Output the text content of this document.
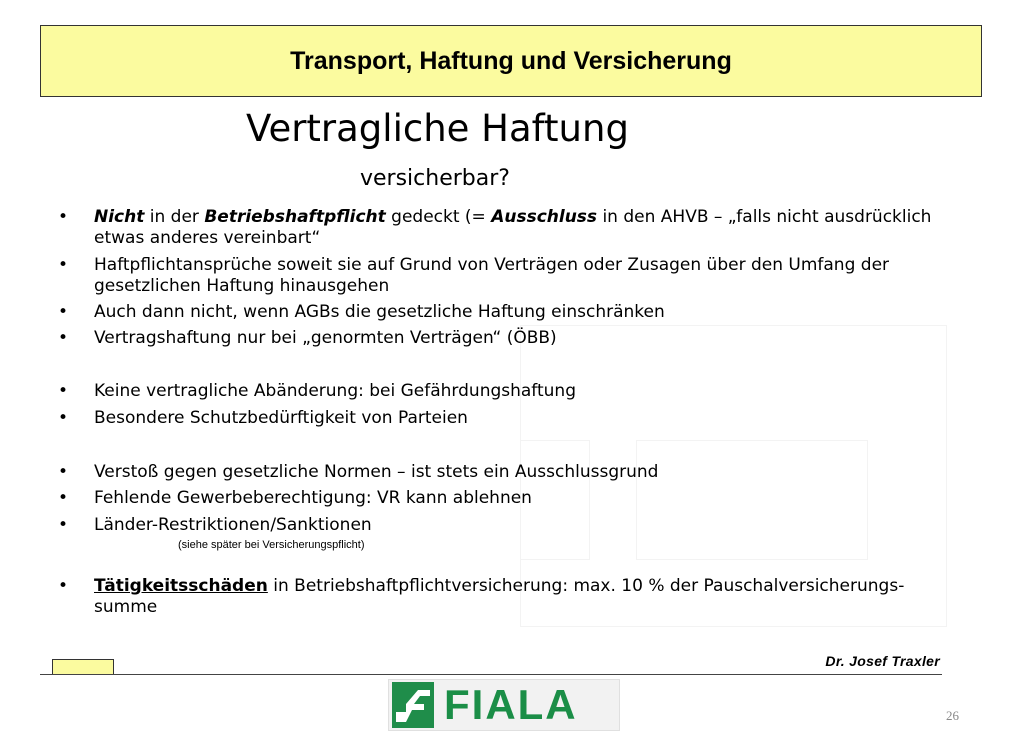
Transport, Haftung und Versicherung
Vertragliche Haftung
versicherbar?
• Nicht in der Betriebshaftpflicht gedeckt (= Ausschluss in den AHVB – „falls nicht ausdrücklich etwas anderes vereinbart“
• Haftpflichtansprüche soweit sie auf Grund von Verträgen oder Zusagen über den Umfang der gesetzlichen Haftung hinausgehen
• Auch dann nicht, wenn AGBs die gesetzliche Haftung einschränken
• Vertragshaftung nur bei „genormten Verträgen“ (ÖBB)
• Keine vertragliche Abänderung: bei Gefährdungshaftung
• Besondere Schutzbedürftigkeit von Parteien
• Verstoß gegen gesetzliche Normen – ist stets ein Ausschlussgrund
• Fehlende Gewerbeberechtigung: VR kann ablehnen
• Länder-Restriktionen/Sanktionen
• Tätigkeitsschäden in Betriebshaftpflichtversicherung: max. 10 % der Pauschalversicherungs-summe
(siehe später bei Versicherungspflicht)
Dr. Josef Traxler
FIALA	26
